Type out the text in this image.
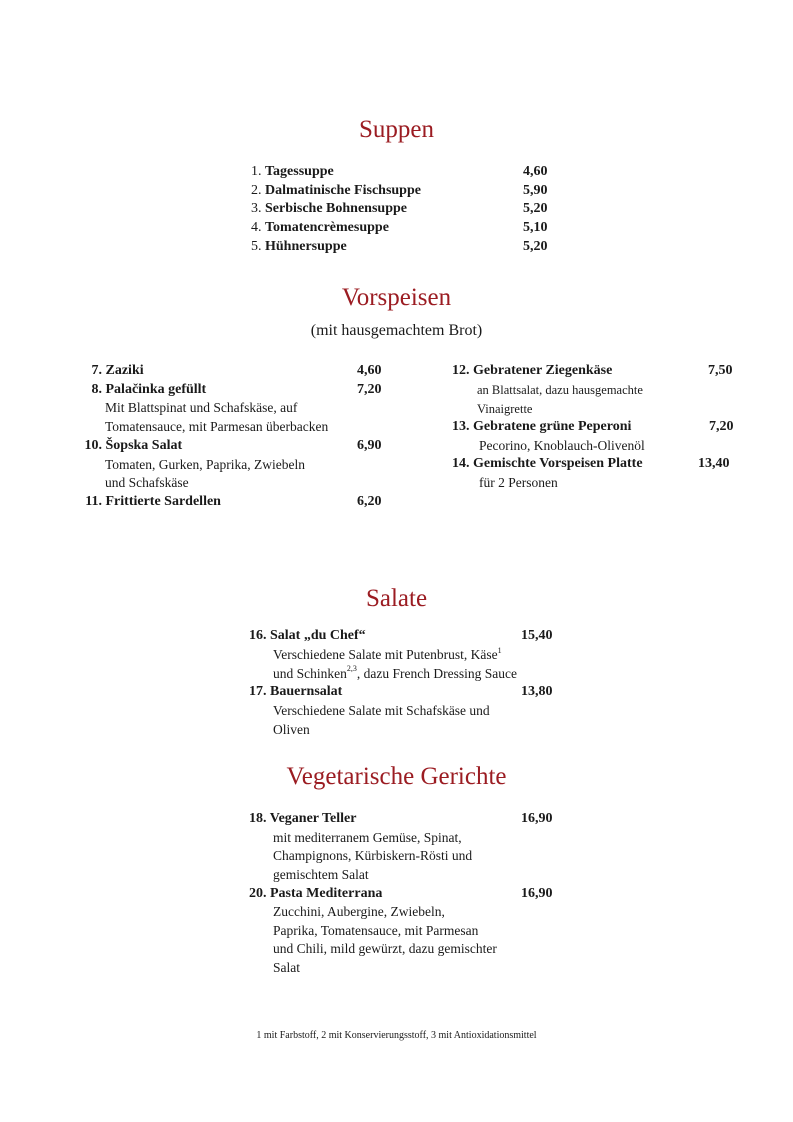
Suppen
1. Tagessuppe	4,60
2. Dalmatinische Fischsuppe	5,90
3. Serbische Bohnensuppe	5,20
4. Tomatencrèmesuppe	5,10
5. Hühnersuppe	5,20
Vorspeisen
(mit hausgemachtem Brot)
7. Zaziki	4,60
8. Palačinka gefüllt	7,20
Mit Blattspinat und Schafskäse, auf
Tomatensauce, mit Parmesan überbacken
10. Šopska Salat	6,90
Tomaten, Gurken, Paprika, Zwiebeln
und Schafskäse
11. Frittierte Sardellen	6,20
12. Gebratener Ziegenkäse	7,50
an Blattsalat, dazu hausgemachte
Vinaigrette
13. Gebratene grüne Peperoni	7,20
Pecorino, Knoblauch-Olivenöl
14. Gemischte Vorspeisen Platte	13,40
für 2 Personen
Salate
16. Salat „du Chef“	15,40
Verschiedene Salate mit Putenbrust, Käse$^1$
und Schinken$^{2,3}$, dazu French Dressing Sauce
17. Bauernsalat	13,80
Verschiedene Salate mit Schafskäse und
Oliven
Vegetarische Gerichte
18. Veganer Teller	16,90
mit mediterranem Gemüse, Spinat,
Champignons, Kürbiskern-Rösti und
gemischtem Salat
20. Pasta Mediterrana	16,90
Zucchini, Aubergine, Zwiebeln,
Paprika, Tomatensauce, mit Parmesan
und Chili, mild gewürzt, dazu gemischter
Salat
1 mit Farbstoff, 2 mit Konservierungsstoff, 3 mit Antioxidationsmittel
